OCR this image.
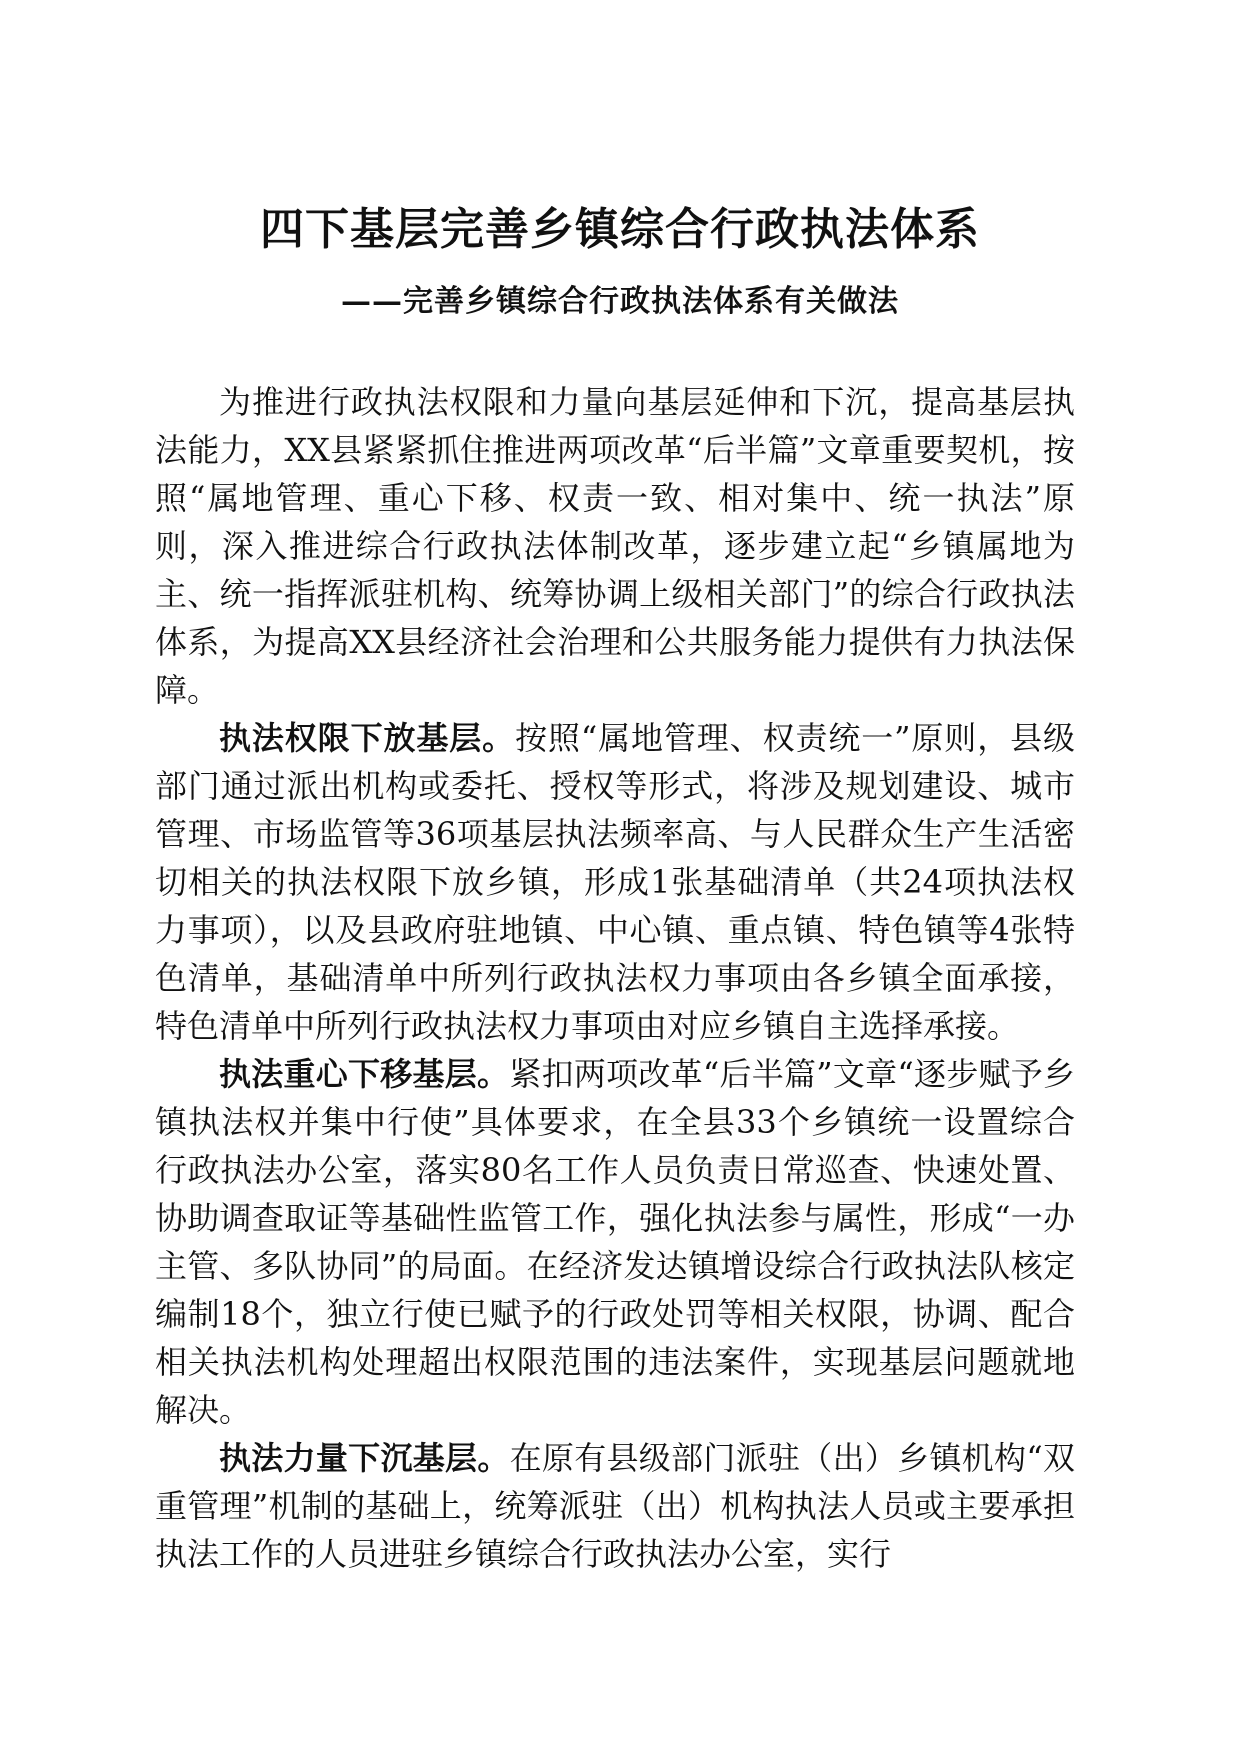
四下基层完善乡镇综合行政执法体系
——完善乡镇综合行政执法体系有关做法

为推进行政执法权限和力量向基层延伸和下沉，提高基层执法能力，XX县紧紧抓住推进两项改革“后半篇”文章重要契机，按照“属地管理、重心下移、权责一致、相对集中、统一执法”原则，深入推进综合行政执法体制改革，逐步建立起“乡镇属地为主、统一指挥派驻机构、统筹协调上级相关部门”的综合行政执法体系，为提高XX县经济社会治理和公共服务能力提供有力执法保障。

执法权限下放基层。按照“属地管理、权责统一”原则，县级部门通过派出机构或委托、授权等形式，将涉及规划建设、城市管理、市场监管等36项基层执法频率高、与人民群众生产生活密切相关的执法权限下放乡镇，形成1张基础清单（共24项执法权力事项），以及县政府驻地镇、中心镇、重点镇、特色镇等4张特色清单，基础清单中所列行政执法权力事项由各乡镇全面承接，特色清单中所列行政执法权力事项由对应乡镇自主选择承接。

执法重心下移基层。紧扣两项改革“后半篇”文章“逐步赋予乡镇执法权并集中行使”具体要求，在全县33个乡镇统一设置综合行政执法办公室，落实80名工作人员负责日常巡查、快速处置、协助调查取证等基础性监管工作，强化执法参与属性，形成“一办主管、多队协同”的局面。在经济发达镇增设综合行政执法队核定编制18个，独立行使已赋予的行政处罚等相关权限，协调、配合相关执法机构处理超出权限范围的违法案件，实现基层问题就地解决。

执法力量下沉基层。在原有县级部门派驻（出）乡镇机构“双重管理”机制的基础上，统筹派驻（出）机构执法人员或主要承担执法工作的人员进驻乡镇综合行政执法办公室，实行
